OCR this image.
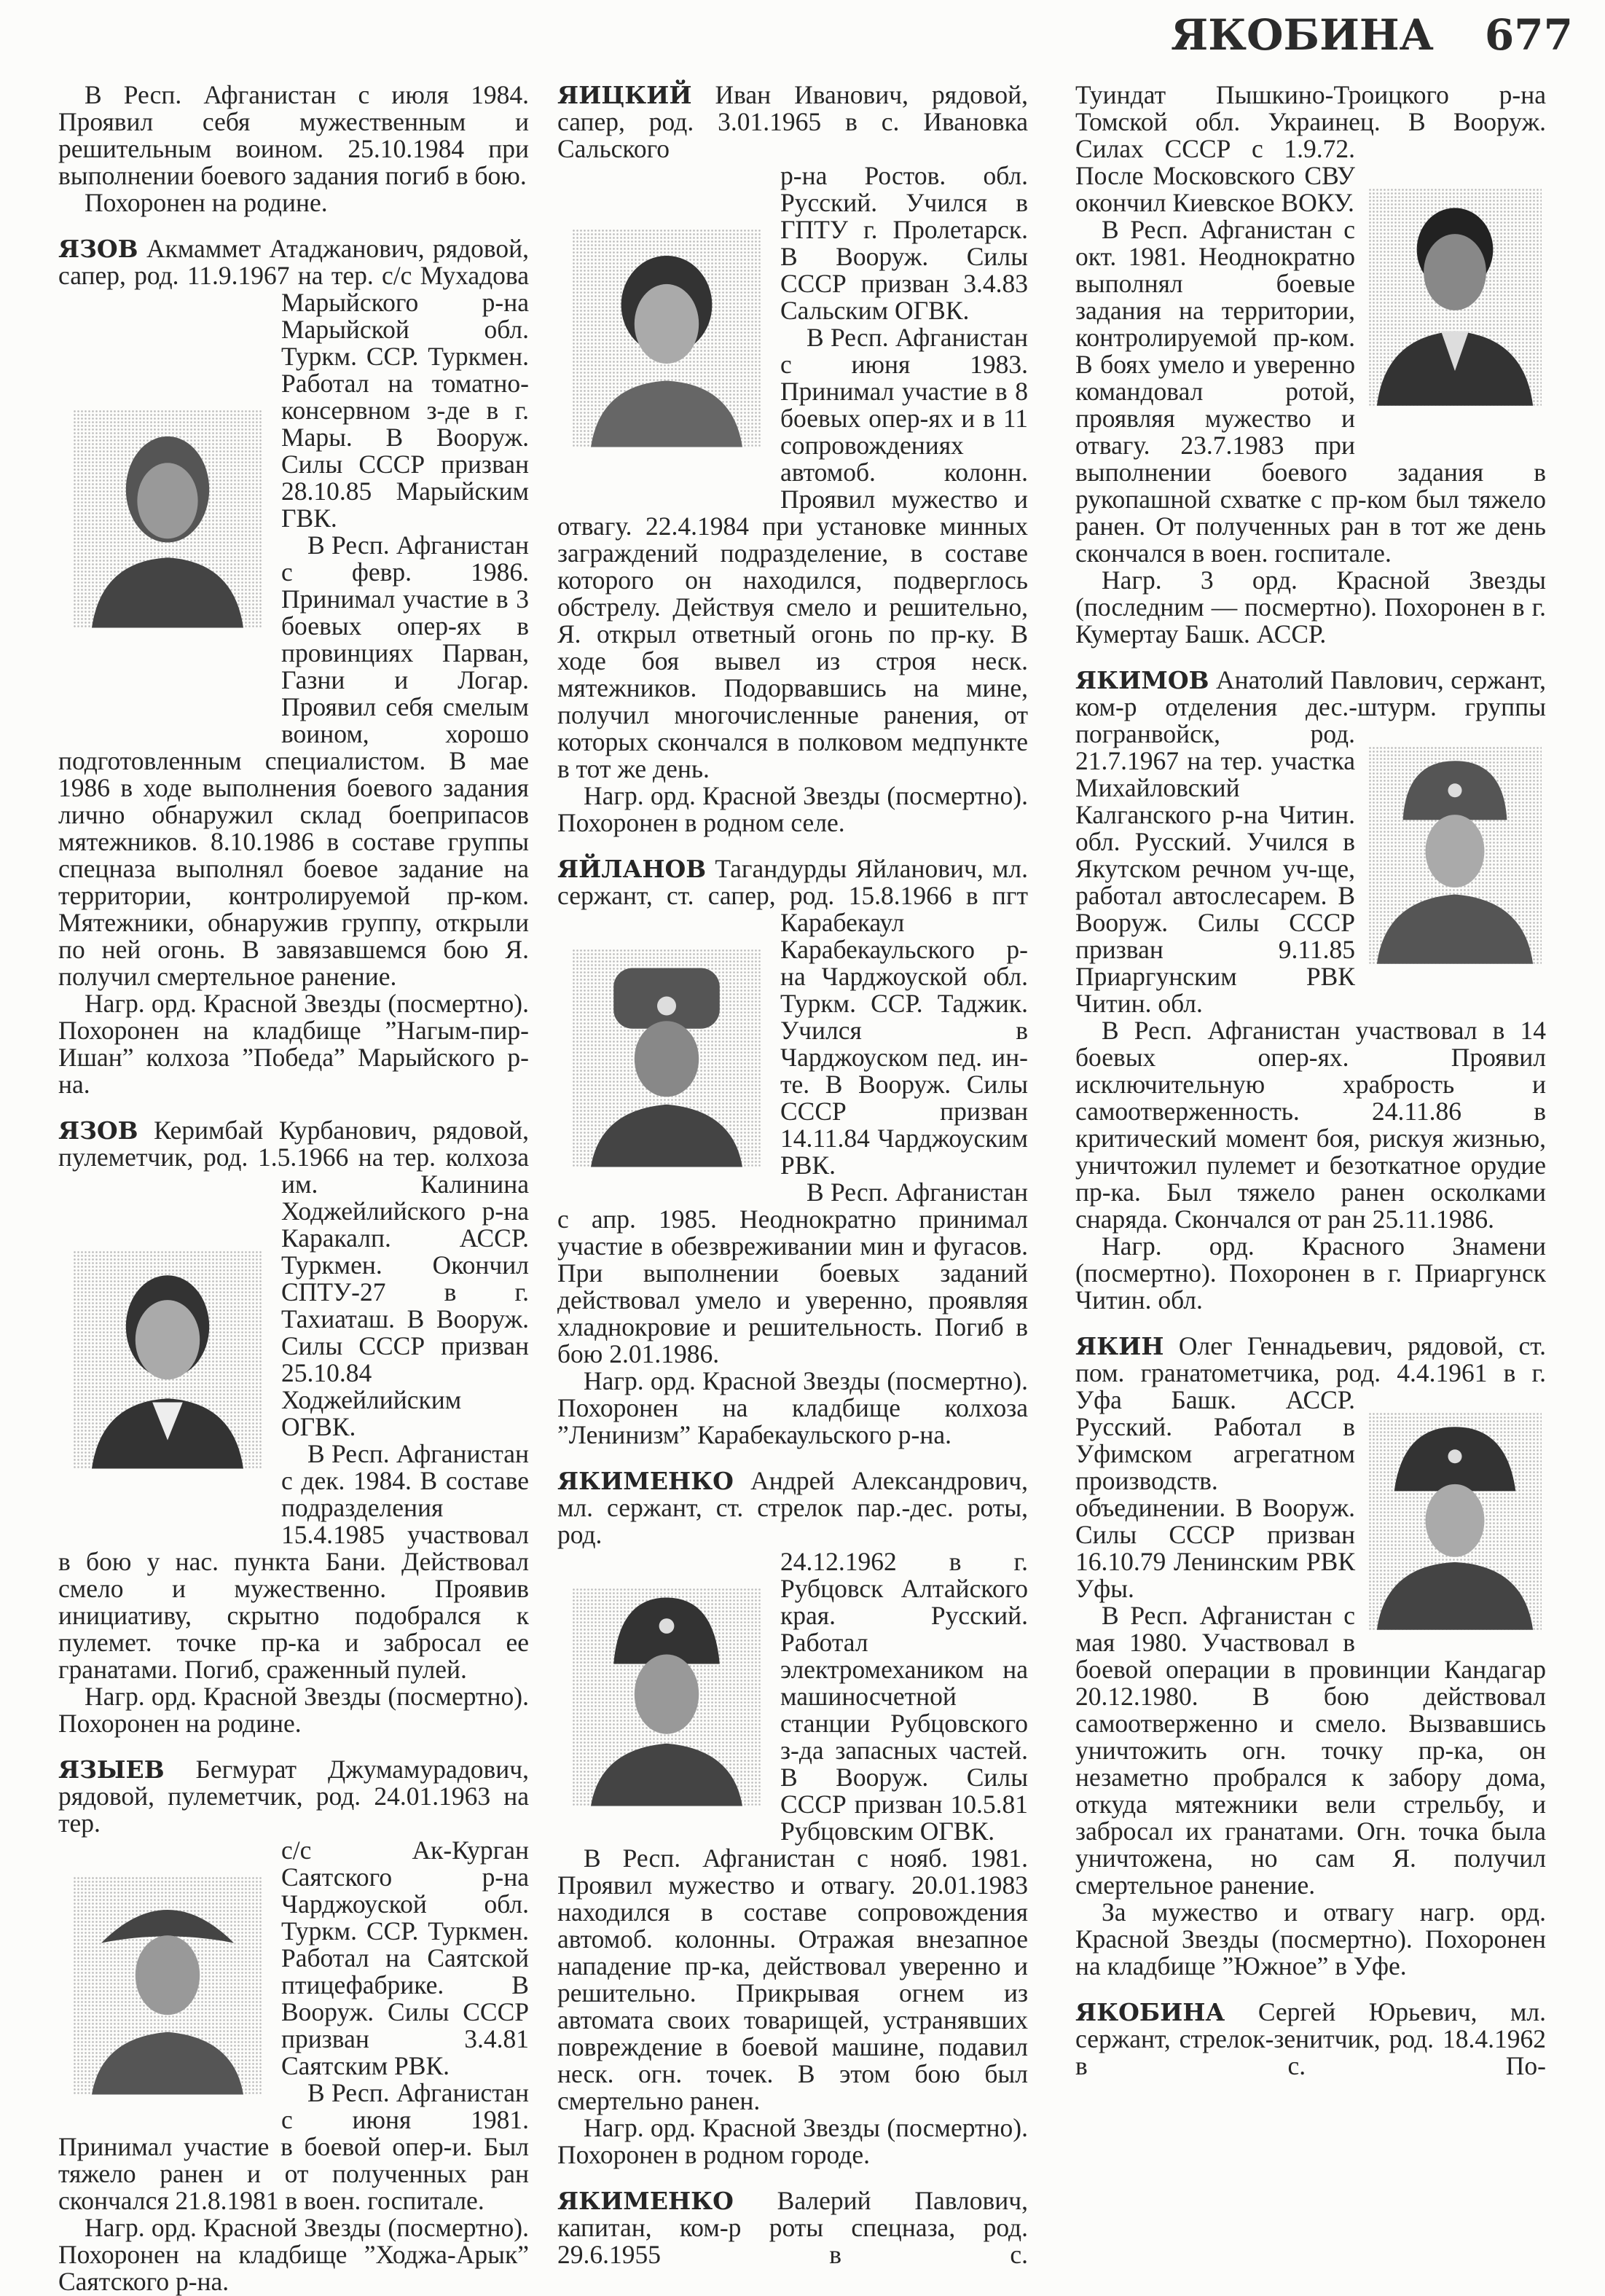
ЯКОБИНА 677

В Респ. Афганистан с июля 1984. Проявил себя мужественным и решительным воином. 25.10.1984 при выполнении боевого задания погиб в бою.

Похоронен на родине.

ЯЗОВ Акмаммет Атаджанович, рядовой, сапер, род. 11.9.1967 на тер. с/с Мухадова

Марыйского р-на Марыйской обл. Туркм. ССР. Туркмен. Работал на томатно-консервном з-де в г. Мары. В Вооруж. Силы СССР призван 28.10.85 Марыйским ГВК.

В Респ. Афганистан с февр. 1986. Принимал участие в 3 боевых опер-ях в провинциях Парван, Газни и Логар. Проявил себя смелым воином, хорошо подготовленным специалистом. В мае 1986 в ходе выполнения боевого задания лично обнаружил склад боеприпасов мятежников. 8.10.1986 в составе группы спецназа выполнял боевое задание на территории, контролируемой пр-ком. Мятежники, обнаружив группу, открыли по ней огонь. В завязавшемся бою Я. получил смертельное ранение.

Нагр. орд. Красной Звезды (посмертно). Похоронен на кладбище ”Нагым-пир-Ишан” колхоза ”Победа” Марыйского р-на.

ЯЗОВ Керимбай Курбанович, рядовой, пулеметчик, род. 1.5.1966 на тер. колхоза

им. Калинина Ходжейлийского р-на Каракалп. АССР. Туркмен. Окончил СПТУ-27 в г. Тахиаташ. В Вооруж. Силы СССР призван 25.10.84 Ходжейлийским ОГВК.

В Респ. Афганистан с дек. 1984. В составе подразделения 15.4.1985 участвовал в бою у нас. пункта Бани. Действовал смело и мужественно. Проявив инициативу, скрытно подобрался к пулемет. точке пр-ка и забросал ее гранатами. Погиб, сраженный пулей.

Нагр. орд. Красной Звезды (посмертно). Похоронен на родине.

ЯЗЫЕВ Бегмурат Джумамурадович, рядовой, пулеметчик, род. 24.01.1963 на тер.

с/с Ак-Курган Саятского р-на Чарджоуской обл. Туркм. ССР. Туркмен. Работал на Саятской птицефабрике. В Вооруж. Силы СССР призван 3.4.81 Саятским РВК.

В Респ. Афганистан с июня 1981. Принимал участие в боевой опер-и. Был тяжело ранен и от полученных ран скончался 21.8.1981 в воен. госпитале.

Нагр. орд. Красной Звезды (посмертно). Похоронен на кладбище ”Ходжа-Арык” Саятского р-на.

ЯИЦКИЙ Иван Иванович, рядовой, сапер, род. 3.01.1965 в с. Ивановка Сальского

р-на Ростов. обл. Русский. Учился в ГПТУ г. Пролетарск. В Вооруж. Силы СССР призван 3.4.83 Сальским ОГВК.

В Респ. Афганистан с июня 1983. Принимал участие в 8 боевых опер-ях и в 11 сопровождениях автомоб. колонн. Проявил мужество и отвагу. 22.4.1984 при установке минных заграждений подразделение, в составе которого он находился, подверглось обстрелу. Действуя смело и решительно, Я. открыл ответный огонь по пр-ку. В ходе боя вывел из строя неск. мятежников. Подорвавшись на мине, получил многочисленные ранения, от которых скончался в полковом медпункте в тот же день.

Нагр. орд. Красной Звезды (посмертно). Похоронен в родном селе.

ЯЙЛАНОВ Тагандурды Яйланович, мл. сержант, ст. сапер, род. 15.8.1966 в пгт

Карабекаул Карабекаульского р-на Чарджоуской обл. Туркм. ССР. Таджик. Учился в Чарджоуском пед. ин-те. В Вооруж. Силы СССР призван 14.11.84 Чарджоуским РВК.

В Респ. Афганистан с апр. 1985. Неоднократно принимал участие в обезвреживании мин и фугасов. При выполнении боевых заданий действовал умело и уверенно, проявляя хладнокровие и решительность. Погиб в бою 2.01.1986.

Нагр. орд. Красной Звезды (посмертно). Похоронен на кладбище колхоза ”Ленинизм” Карабекаульского р-на.

ЯКИМЕНКО Андрей Александрович, мл. сержант, ст. стрелок пар.-дес. роты, род.

24.12.1962 в г. Рубцовск Алтайского края. Русский. Работал электромехаником на машиносчетной станции Рубцовского з-да запасных частей. В Вооруж. Силы СССР призван 10.5.81 Рубцовским ОГВК.

В Респ. Афганистан с нояб. 1981. Проявил мужество и отвагу. 20.01.1983 находился в составе сопровождения автомоб. колонны. Отражая внезапное нападение пр-ка, действовал уверенно и решительно. Прикрывая огнем из автомата своих товарищей, устранявших повреждение в боевой машине, подавил неск. огн. точек. В этом бою был смертельно ранен.

Нагр. орд. Красной Звезды (посмертно). Похоронен в родном городе.

ЯКИМЕНКО Валерий Павлович, капитан, ком-р роты спецназа, род. 29.6.1955 в с.

Туиндат Пышкино-Троицкого р-на Томской обл. Украинец. В Вооруж.

Силах СССР с 1.9.72. После Московского СВУ окончил Киевское ВОКУ.

В Респ. Афганистан с окт. 1981. Неоднократно выполнял боевые задания на территории, контролируемой пр-ком. В боях умело и уверенно командовал ротой, проявляя мужество и отвагу. 23.7.1983 при выполнении боевого задания в рукопашной схватке с пр-ком был тяжело ранен. От полученных ран в тот же день скончался в воен. госпитале.

Нагр. 3 орд. Красной Звезды (последним — посмертно). Похоронен в г. Кумертау Башк. АССР.

ЯКИМОВ Анатолий Павлович, сержант, ком-р отделения дес.-штурм. группы

погранвойск, род. 21.7.1967 на тер. участка Михайловский Калганского р-на Читин. обл. Русский. Учился в Якутском речном уч-ще, работал автослесарем. В Вооруж. Силы СССР призван 9.11.85 Приаргунским РВК Читин. обл.

В Респ. Афганистан участвовал в 14 боевых опер-ях. Проявил исключительную храбрость и самоотверженность. 24.11.86 в критический момент боя, рискуя жизнью, уничтожил пулемет и безоткатное орудие пр-ка. Был тяжело ранен осколками снаряда. Скончался от ран 25.11.1986.

Нагр. орд. Красного Знамени (посмертно). Похоронен в г. Приаргунск Читин. обл.

ЯКИН Олег Геннадьевич, рядовой, ст. пом. гранатометчика, род. 4.4.1961 в г.

Уфа Башк. АССР. Русский. Работал в Уфимском агрегатном производств. объединении. В Вооруж. Силы СССР призван 16.10.79 Ленинским РВК Уфы.

В Респ. Афганистан с мая 1980. Участвовал в боевой операции в провинции Кандагар 20.12.1980. В бою действовал самоотверженно и смело. Вызвавшись уничтожить огн. точку пр-ка, он незаметно пробрался к забору дома, откуда мятежники вели стрельбу, и забросал их гранатами. Огн. точка была уничтожена, но сам Я. получил смертельное ранение.

За мужество и отвагу нагр. орд. Красной Звезды (посмертно). Похоронен на кладбище ”Южное” в Уфе.

ЯКОБИНА Сергей Юрьевич, мл. сержант, стрелок-зенитчик, род. 18.4.1962 в с. По-
